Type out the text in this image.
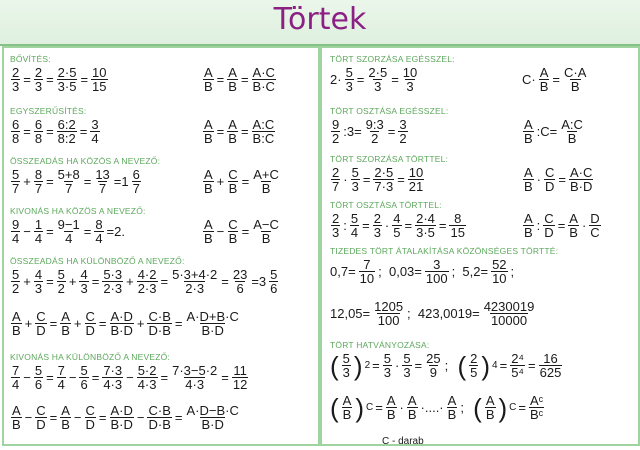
Törtek
BŐVÍTÉS:
$\frac{2}{3} = \frac{2}{3} = \frac{2\cdot 5}{3\cdot 5} = \frac{10}{15}$	$\frac{A}{B} = \frac{A}{B} = \frac{A\cdot C}{B\cdot C}$
EGYSZERŰSÍTÉS:
$\frac{6}{8} = \frac{6}{8} = \frac{6:2}{8:2} = \frac{3}{4}$	$\frac{A}{B} = \frac{A}{B} = \frac{A:C}{B:C}$
ÖSSZEADÁS HA KÖZÖS A NEVEZŐ:
$\frac{5}{7} + \frac{8}{7} = \frac{5+8}{7} = \frac{13}{7} =1 \frac{6}{7}$	$\frac{A}{B} + \frac{C}{B} = \frac{A+C}{B}$
KIVONÁS HA KÖZÖS A NEVEZŐ:
$\frac{9}{4} - \frac{1}{4} = \frac{9-1}{4} = \frac{8}{4} =2$.	$\frac{A}{B} - \frac{C}{B} = \frac{A-C}{B}$
ÖSSZEADÁS HA KÜLÖNBÖZŐ A NEVEZŐ:
$\frac{5}{2} + \frac{4}{3} = \frac{5}{2} + \frac{4}{3} = \frac{5\cdot 3}{2\cdot 3} + \frac{4\cdot 2}{2\cdot 3} = \frac{5\cdot 3+4\cdot 2}{2\cdot 3} = \frac{23}{6} =3 \frac{5}{6}$
$\frac{A}{B} + \frac{C}{D} = \frac{A}{B} + \frac{C}{D} = \frac{A\cdot D}{B\cdot D} + \frac{C\cdot B}{D\cdot B} = \frac{A\cdot D+B\cdot C}{B\cdot D}$
KIVONÁS HA KÜLÖNBÖZŐ A NEVEZŐ:
$\frac{7}{4} - \frac{5}{6} = \frac{7}{4} - \frac{5}{6} = \frac{7\cdot 3}{4\cdot 3} - \frac{5\cdot 2}{4\cdot 3} = \frac{7\cdot 3-5\cdot 2}{4\cdot 3} = \frac{11}{12}$
$\frac{A}{B} - \frac{C}{D} = \frac{A}{B} - \frac{C}{D} = \frac{A\cdot D}{B\cdot D} - \frac{C\cdot B}{D\cdot B} = \frac{A\cdot D-B\cdot C}{B\cdot D}$
TÖRT SZORZÁSA EGÉSSZEL:
$2\cdot \frac{5}{3} = \frac{2\cdot 5}{3} = \frac{10}{3}$	$C\cdot \frac{A}{B} = \frac{C\cdot A}{B}$
TÖRT OSZTÁSA EGÉSSZEL:
$\frac{9}{2}$ :3= $\frac{9:3}{2} = \frac{3}{2}$	$\frac{A}{B}$ :C= $\frac{A:C}{B}$
TÖRT SZORZÁSA TÖRTTEL:
$\frac{2}{7} \cdot \frac{5}{3} = \frac{2\cdot 5}{7\cdot 3} = \frac{10}{21}$	$\frac{A}{B} \cdot \frac{C}{D} = \frac{A\cdot C}{B\cdot D}$
TÖRT OSZTÁSA TÖRTTEL:
$\frac{2}{3}$ : $\frac{5}{4} = \frac{2}{3} \cdot \frac{4}{5} = \frac{2\cdot 4}{3\cdot 5} = \frac{8}{15}$	$\frac{A}{B}$ : $\frac{C}{D} = \frac{A}{B} \cdot \frac{D}{C}$
TIZEDES TÖRT ÁTALAKÍTÁSA KÖZÖNSÉGES TÖRTTÉ:
$0,7= \frac{7}{10}$ ;  $0,03= \frac{3}{100}$ ;  $5,2= \frac{52}{10}$ ;
$12,05= \frac{1205}{100}$ ;  $423,0019= \frac{4230019}{10000}$
TÖRT HATVÁNYOZÁSA:
( $\frac{5}{3}$ ) $2 = \frac{5}{3} \cdot \frac{5}{3} = \frac{25}{9}$ ; ( $\frac{2}{5}$ ) $4 = \frac{\text{2⁴}}{\text{5⁴}} = \frac{16}{625}$
( $\frac{A}{B}$ ) $C = \frac{A}{B} \cdot \frac{A}{B}$ ·....· $\frac{A}{B}$ ; ( $\frac{A}{B}$ ) $C = \frac{\text{Aᶜ}}{\text{Bᶜ}}$
C - darab
